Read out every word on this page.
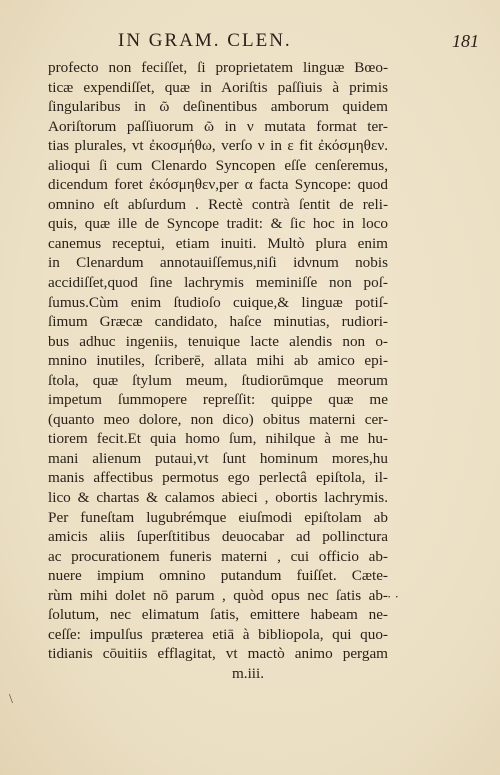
IN GRAM. CLEN.	181
profecto non feciſſet, ſi proprietatem linguæ Bœo-
ticæ expendiſſet, quæ in Aoriſtis paſſiuis à primis
ſingularibus in ῶ deſinentibus amborum quidem
Aoriſtorum paſſiuorum ῶ in ν mutata format ter-
tias plurales, vt ἐκοσμήθω, verſo ν in ε fit ἐκόσμηθεν.
alioqui ſi cum Clenardo Syncopen eſſe cenſeremus,
dicendum foret ἐκόσμηθεν,per α facta Syncope: quod
omnino eſt abſurdum . Rectè contrà ſentit de reli-
quis, quæ ille de Syncope tradit: & ſic hoc in loco
canemus receptui, etiam inuiti. Multò plura enim
in Clenardum annotauiſſemus,niſi idνnum nobis
accidiſſet,quod ſine lachrymis meminiſſe non poſ-
ſumus.Cùm enim ſtudioſo cuique,& linguæ potiſ-
ſimum Græcæ candidato, haſce minutias, rudiori-
bus adhuc ingeniis, tenuique lacte alendis non o-
mnino inutiles, ſcriberē, allata mihi ab amico epi-
ſtola, quæ ſtylum meum, ſtudiorūmque meorum
impetum ſummopere repreſſit: quippe quæ me
(quanto meo dolore, non dico) obitus materni cer-
tiorem fecit.Et quia homo ſum, nihilque à me hu-
mani alienum putaui,vt ſunt hominum mores,hu
manis affectibus permotus ego perlectâ epiſtola, il-
lico & chartas & calamos abieci , obortis lachrymis.
Per funeſtam lugubrémque eiuſmodi epiſtolam ab
amicis aliis ſuperſtitibus deuocabar ad pollinctura
ac procurationem funeris materni , cui officio ab-
nuere impium omnino putandum fuiſſet. Cæte-
rùm mihi dolet nō parum , quòd opus nec ſatis ab-
ſolutum, nec elimatum ſatis, emittere habeam ne-
ceſſe: impulſus præterea etiā à bibliopola, qui quo-
tidianis cōuitiis efflagitat, vt mactò animo pergam
m.iii.
· ·
\
